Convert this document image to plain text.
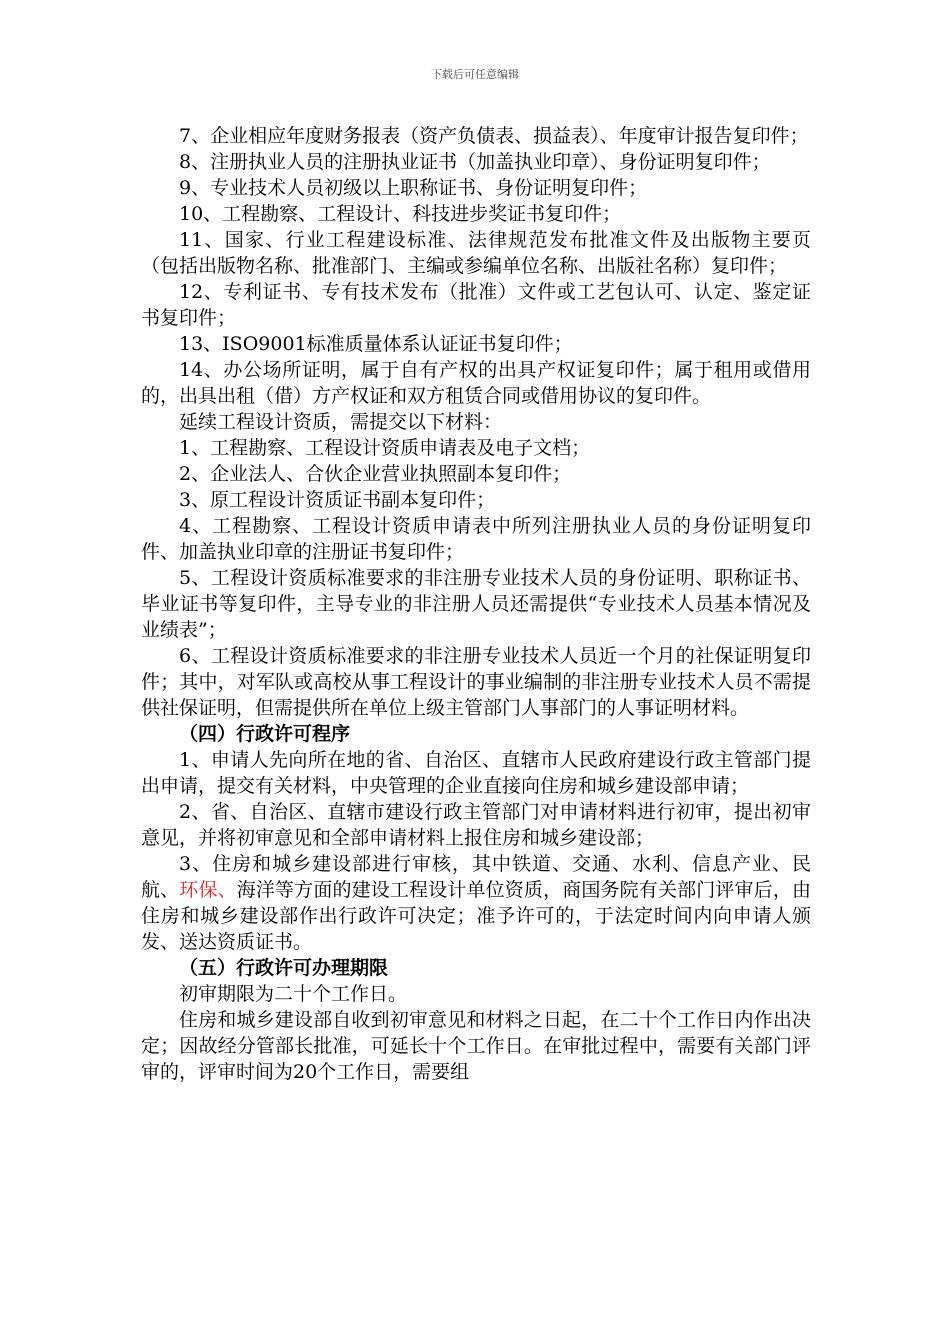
下载后可任意编辑

7、企业相应年度财务报表（资产负债表、损益表）、年度审计报告复印件；

8、注册执业人员的注册执业证书（加盖执业印章）、身份证明复印件；

9、专业技术人员初级以上职称证书、身份证明复印件；

10、工程勘察、工程设计、科技进步奖证书复印件；

11、国家、行业工程建设标准、法律规范发布批准文件及出版物主要页（包括出版物名称、批准部门、主编或参编单位名称、出版社名称）复印件；

12、专利证书、专有技术发布（批准）文件或工艺包认可、认定、鉴定证书复印件；

13、ISO9001标准质量体系认证证书复印件；

14、办公场所证明，属于自有产权的出具产权证复印件；属于租用或借用的，出具出租（借）方产权证和双方租赁合同或借用协议的复印件。

延续工程设计资质，需提交以下材料：

1、工程勘察、工程设计资质申请表及电子文档；

2、企业法人、合伙企业营业执照副本复印件；

3、原工程设计资质证书副本复印件；

4、工程勘察、工程设计资质申请表中所列注册执业人员的身份证明复印件、加盖执业印章的注册证书复印件；

5、工程设计资质标准要求的非注册专业技术人员的身份证明、职称证书、毕业证书等复印件，主导专业的非注册人员还需提供“专业技术人员基本情况及业绩表”；

6、工程设计资质标准要求的非注册专业技术人员近一个月的社保证明复印件；其中，对军队或高校从事工程设计的事业编制的非注册专业技术人员不需提供社保证明，但需提供所在单位上级主管部门人事部门的人事证明材料。

（四）行政许可程序

1、申请人先向所在地的省、自治区、直辖市人民政府建设行政主管部门提出申请，提交有关材料，中央管理的企业直接向住房和城乡建设部申请；

2、省、自治区、直辖市建设行政主管部门对申请材料进行初审，提出初审意见，并将初审意见和全部申请材料上报住房和城乡建设部；

3、住房和城乡建设部进行审核，其中铁道、交通、水利、信息产业、民航、环保、海洋等方面的建设工程设计单位资质，商国务院有关部门评审后，由住房和城乡建设部作出行政许可决定；准予许可的，于法定时间内向申请人颁发、送达资质证书。

（五）行政许可办理期限

初审期限为二十个工作日。

住房和城乡建设部自收到初审意见和材料之日起，在二十个工作日内作出决定；因故经分管部长批准，可延长十个工作日。在审批过程中，需要有关部门评审的，评审时间为20个工作日，需要组
